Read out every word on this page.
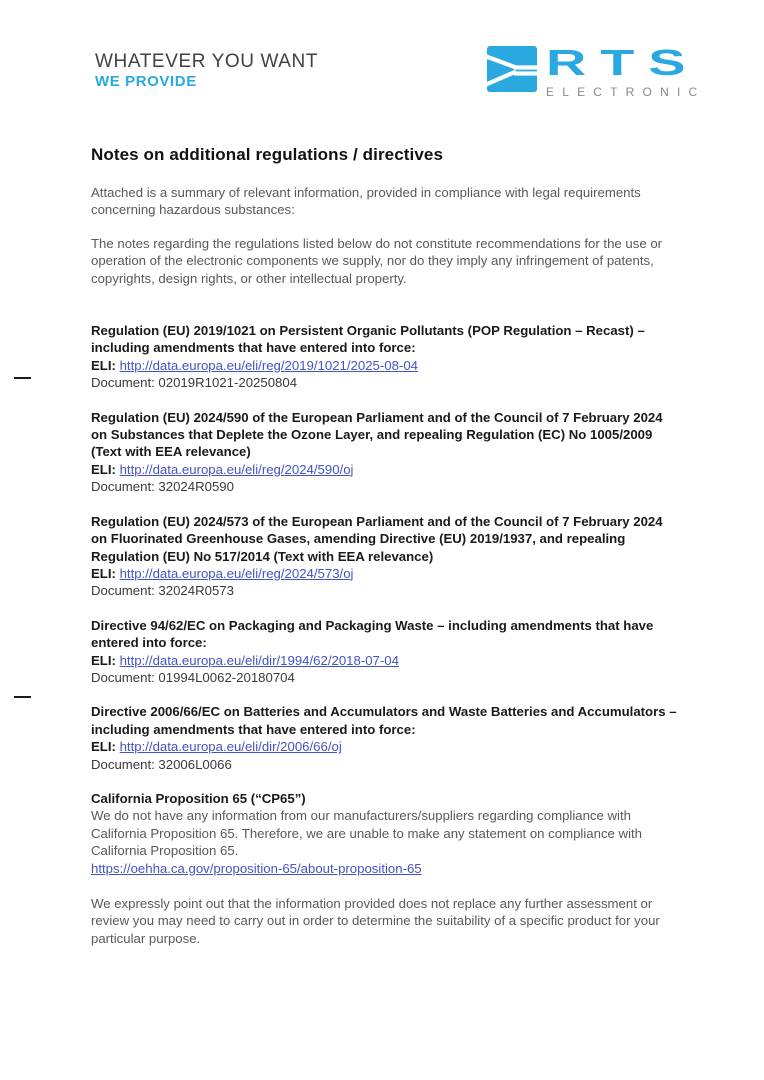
WHATEVER YOU WANT
WE PROVIDE	RTS
ELECTRONIC
Notes on additional regulations / directives

Attached is a summary of relevant information, provided in compliance with legal requirements concerning hazardous substances:

The notes regarding the regulations listed below do not constitute recommendations for the use or operation of the electronic components we supply, nor do they imply any infringement of patents, copyrights, design rights, or other intellectual property.

Regulation (EU) 2019/1021 on Persistent Organic Pollutants (POP Regulation – Recast) – including amendments that have entered into force:
ELI: http://data.europa.eu/eli/reg/2019/1021/2025-08-04
Document: 02019R1021-20250804
Regulation (EU) 2024/590 of the European Parliament and of the Council of 7 February 2024 on Substances that Deplete the Ozone Layer, and repealing Regulation (EC) No 1005/2009 (Text with EEA relevance)
ELI: http://data.europa.eu/eli/reg/2024/590/oj
Document: 32024R0590
Regulation (EU) 2024/573 of the European Parliament and of the Council of 7 February 2024 on Fluorinated Greenhouse Gases, amending Directive (EU) 2019/1937, and repealing Regulation (EU) No 517/2014 (Text with EEA relevance)
ELI: http://data.europa.eu/eli/reg/2024/573/oj
Document: 32024R0573
Directive 94/62/EC on Packaging and Packaging Waste – including amendments that have entered into force:
ELI: http://data.europa.eu/eli/dir/1994/62/2018-07-04
Document: 01994L0062-20180704
Directive 2006/66/EC on Batteries and Accumulators and Waste Batteries and Accumulators – including amendments that have entered into force:
ELI: http://data.europa.eu/eli/dir/2006/66/oj
Document: 32006L0066
California Proposition 65 (“CP65”)

We do not have any information from our manufacturers/suppliers regarding compliance with California Proposition 65. Therefore, we are unable to make any statement on compliance with California Proposition 65.

https://oehha.ca.gov/proposition-65/about-proposition-65

We expressly point out that the information provided does not replace any further assessment or review you may need to carry out in order to determine the suitability of a specific product for your particular purpose.
